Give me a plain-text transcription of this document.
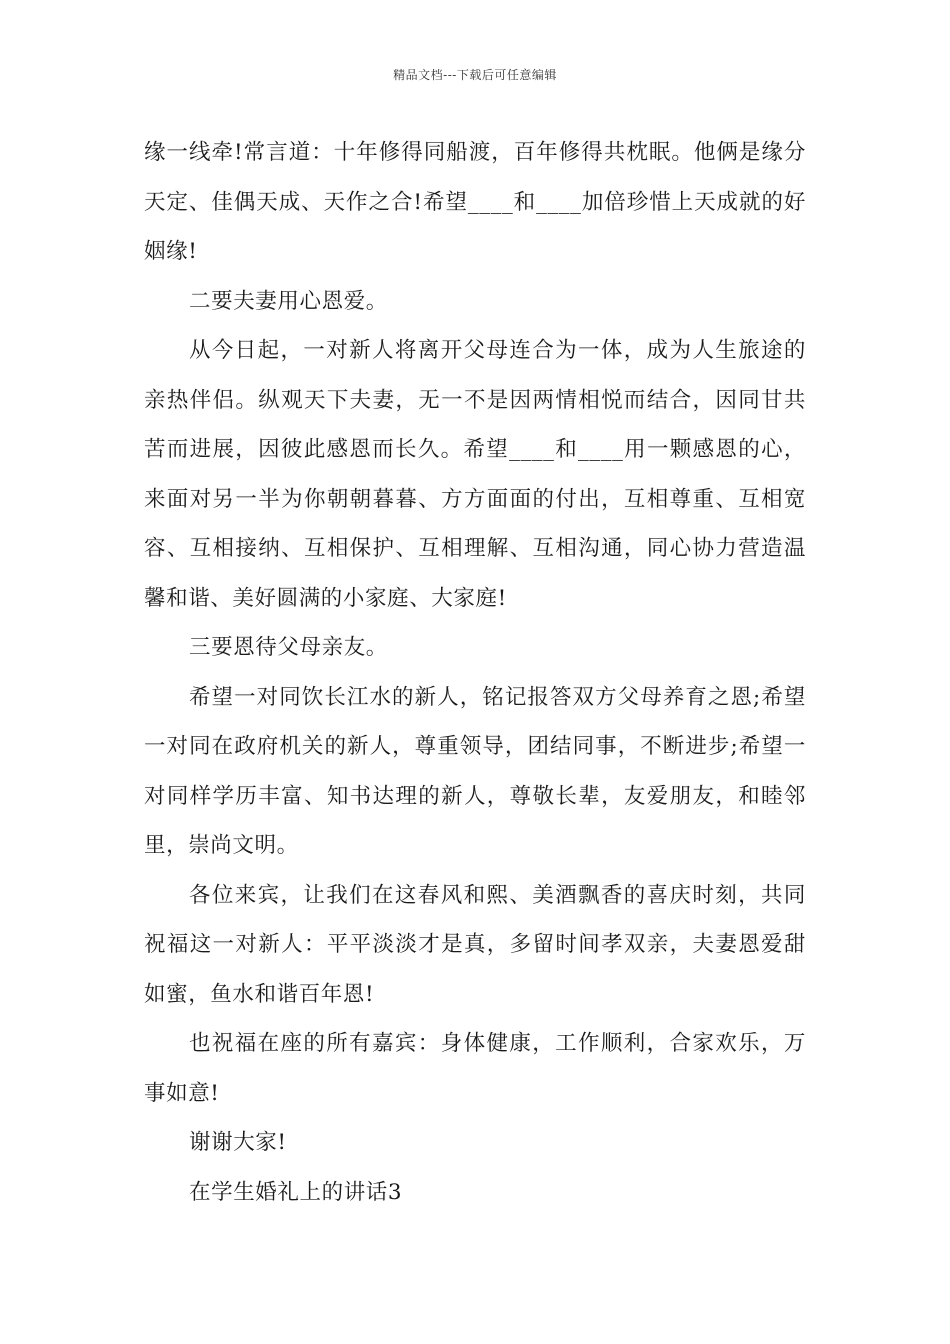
精品文档---下载后可任意编辑

缘一线牵!常言道：十年修得同船渡，百年修得共枕眠。他俩是缘分天定、佳偶天成、天作之合!希望____和____加倍珍惜上天成就的好姻缘!

二要夫妻用心恩爱。

从今日起，一对新人将离开父母连合为一体，成为人生旅途的亲热伴侣。纵观天下夫妻，无一不是因两情相悦而结合，因同甘共苦而进展，因彼此感恩而长久。希望____和____用一颗感恩的心，来面对另一半为你朝朝暮暮、方方面面的付出，互相尊重、互相宽容、互相接纳、互相保护、互相理解、互相沟通，同心协力营造温馨和谐、美好圆满的小家庭、大家庭!

三要恩待父母亲友。

希望一对同饮长江水的新人，铭记报答双方父母养育之恩;希望一对同在政府机关的新人，尊重领导，团结同事，不断进步;希望一对同样学历丰富、知书达理的新人，尊敬长辈，友爱朋友，和睦邻里，崇尚文明。

各位来宾，让我们在这春风和熙、美酒飘香的喜庆时刻，共同祝福这一对新人：平平淡淡才是真，多留时间孝双亲，夫妻恩爱甜如蜜，鱼水和谐百年恩!

也祝福在座的所有嘉宾：身体健康，工作顺利，合家欢乐，万事如意!

谢谢大家!

在学生婚礼上的讲话3
